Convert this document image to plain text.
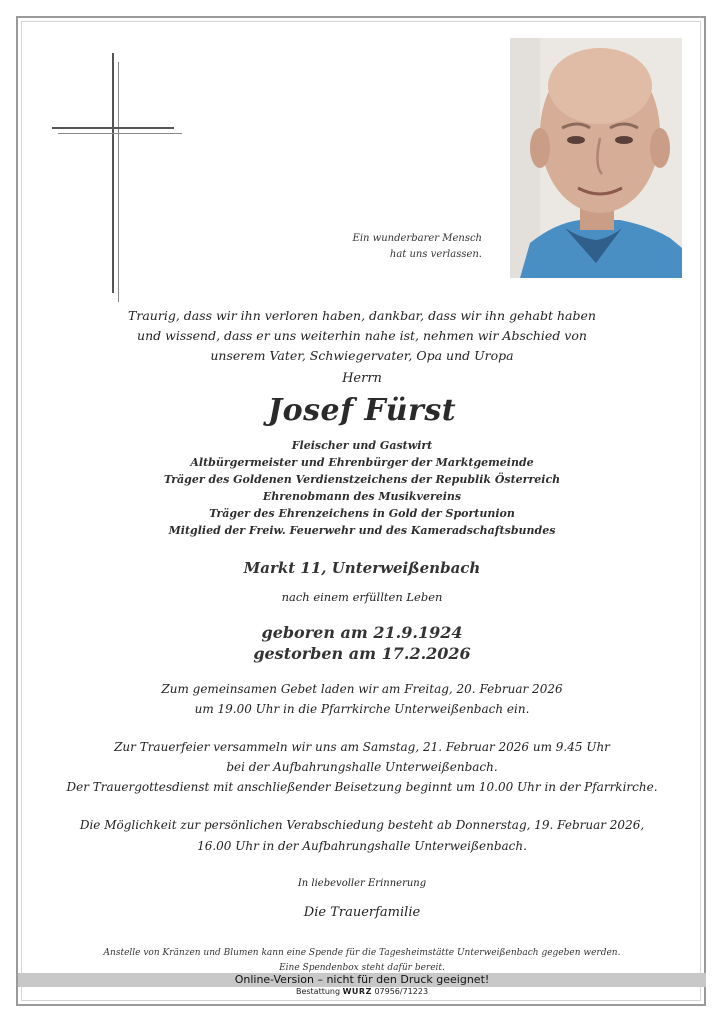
Ein wunderbarer Mensch
hat uns verlassen.
Traurig, dass wir ihn verloren haben, dankbar, dass wir ihn gehabt haben
und wissend, dass er uns weiterhin nahe ist, nehmen wir Abschied von
unserem Vater, Schwiegervater, Opa und Uropa
Herrn
Josef Fürst
Fleischer und Gastwirt
Altbürgermeister und Ehrenbürger der Marktgemeinde
Träger des Goldenen Verdienstzeichens der Republik Österreich
Ehrenobmann des Musikvereins
Träger des Ehrenzeichens in Gold der Sportunion
Mitglied der Freiw. Feuerwehr und des Kameradschaftsbundes
Markt 11, Unterweißenbach
nach einem erfüllten Leben
geboren am 21.9.1924
gestorben am 17.2.2026
Zum gemeinsamen Gebet laden wir am Freitag, 20. Februar 2026
um 19.00 Uhr in die Pfarrkirche Unterweißenbach ein.
Zur Trauerfeier versammeln wir uns am Samstag, 21. Februar 2026 um 9.45 Uhr
bei der Aufbahrungshalle Unterweißenbach.
Der Trauergottesdienst mit anschließender Beisetzung beginnt um 10.00 Uhr in der Pfarrkirche.
Die Möglichkeit zur persönlichen Verabschiedung besteht ab Donnerstag, 19. Februar 2026,
16.00 Uhr in der Aufbahrungshalle Unterweißenbach.
In liebevoller Erinnerung
Die Trauerfamilie
Anstelle von Kränzen und Blumen kann eine Spende für die Tagesheimstätte Unterweißenbach gegeben werden.
Eine Spendenbox steht dafür bereit.
Online-Version – nicht für den Druck geeignet!
Bestattung WURZ 07956/71223
